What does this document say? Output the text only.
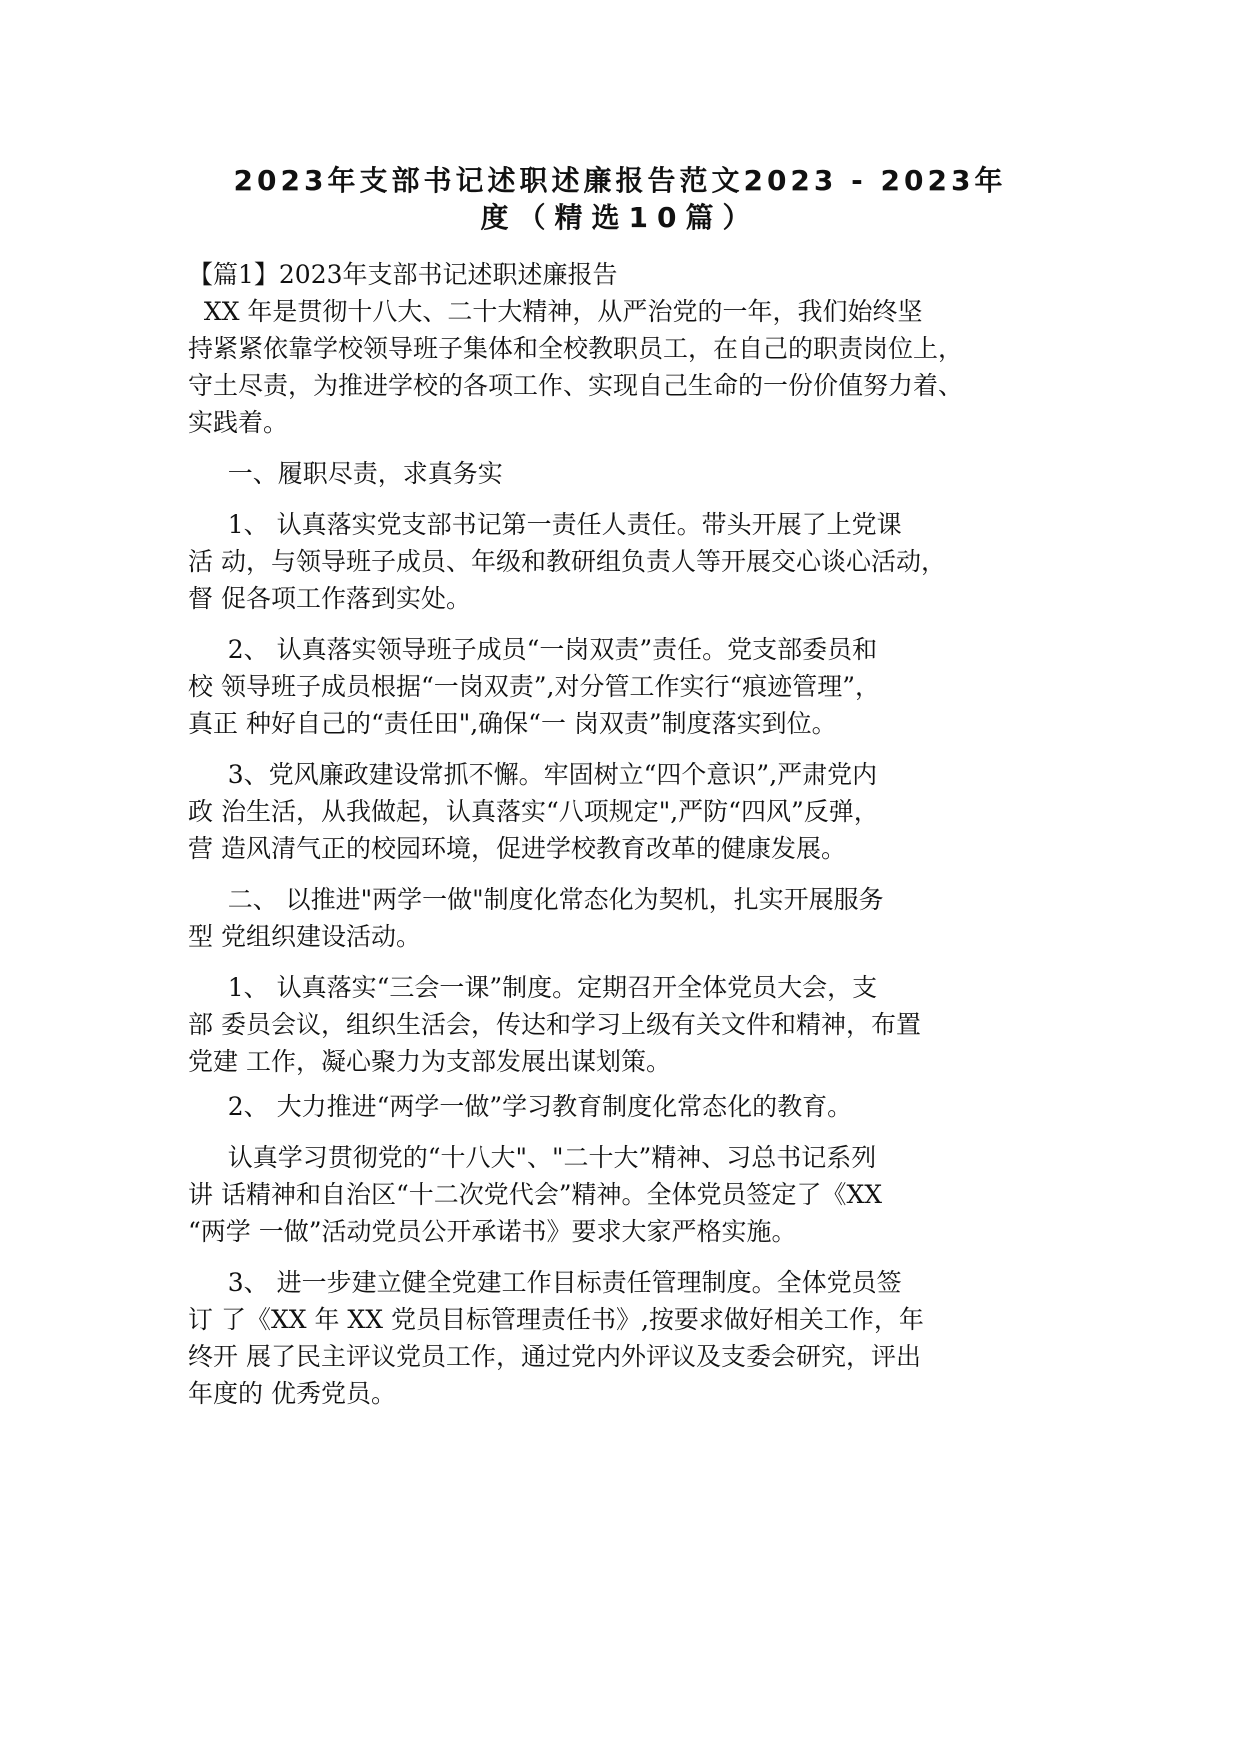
2023年支部书记述职述廉报告范文2023 - 2023年
度（精选10篇）

【篇1】2023年支部书记述职述廉报告

XX 年是贯彻十八大、二十大精神，从严治党的一年，我们始终坚
持紧紧依靠学校领导班子集体和全校教职员工，在自己的职责岗位上，
守土尽责，为推进学校的各项工作、实现自己生命的一份价值努力着、
实践着。

一、履职尽责，求真务实

1、 认真落实党支部书记第一责任人责任。带头开展了上党课
活 动，与领导班子成员、年级和教研组负责人等开展交心谈心活动，
督 促各项工作落到实处。

2、 认真落实领导班子成员“一岗双责”责任。党支部委员和
校 领导班子成员根据“一岗双责”,对分管工作实行“痕迹管理”，
真正 种好自己的“责任田",确保“一 岗双责”制度落实到位。

3、党风廉政建设常抓不懈。牢固树立“四个意识”,严肃党内
政 治生活，从我做起，认真落实“八项规定",严防“四风”反弹，
营 造风清气正的校园环境，促进学校教育改革的健康发展。

二、 以推进"两学一做"制度化常态化为契机，扎实开展服务
型 党组织建设活动。

1、 认真落实“三会一课”制度。定期召开全体党员大会，支
部 委员会议，组织生活会，传达和学习上级有关文件和精神，布置
党建 工作，凝心聚力为支部发展出谋划策。

2、 大力推进“两学一做”学习教育制度化常态化的教育。

认真学习贯彻党的“十八大"、"二十大”精神、习总书记系列
讲 话精神和自治区“十二次党代会”精神。全体党员签定了《XX
“两学 一做”活动党员公开承诺书》要求大家严格实施。

3、 进一步建立健全党建工作目标责任管理制度。全体党员签
订 了《XX 年 XX 党员目标管理责任书》,按要求做好相关工作，年
终开 展了民主评议党员工作，通过党内外评议及支委会研究，评出
年度的 优秀党员。
